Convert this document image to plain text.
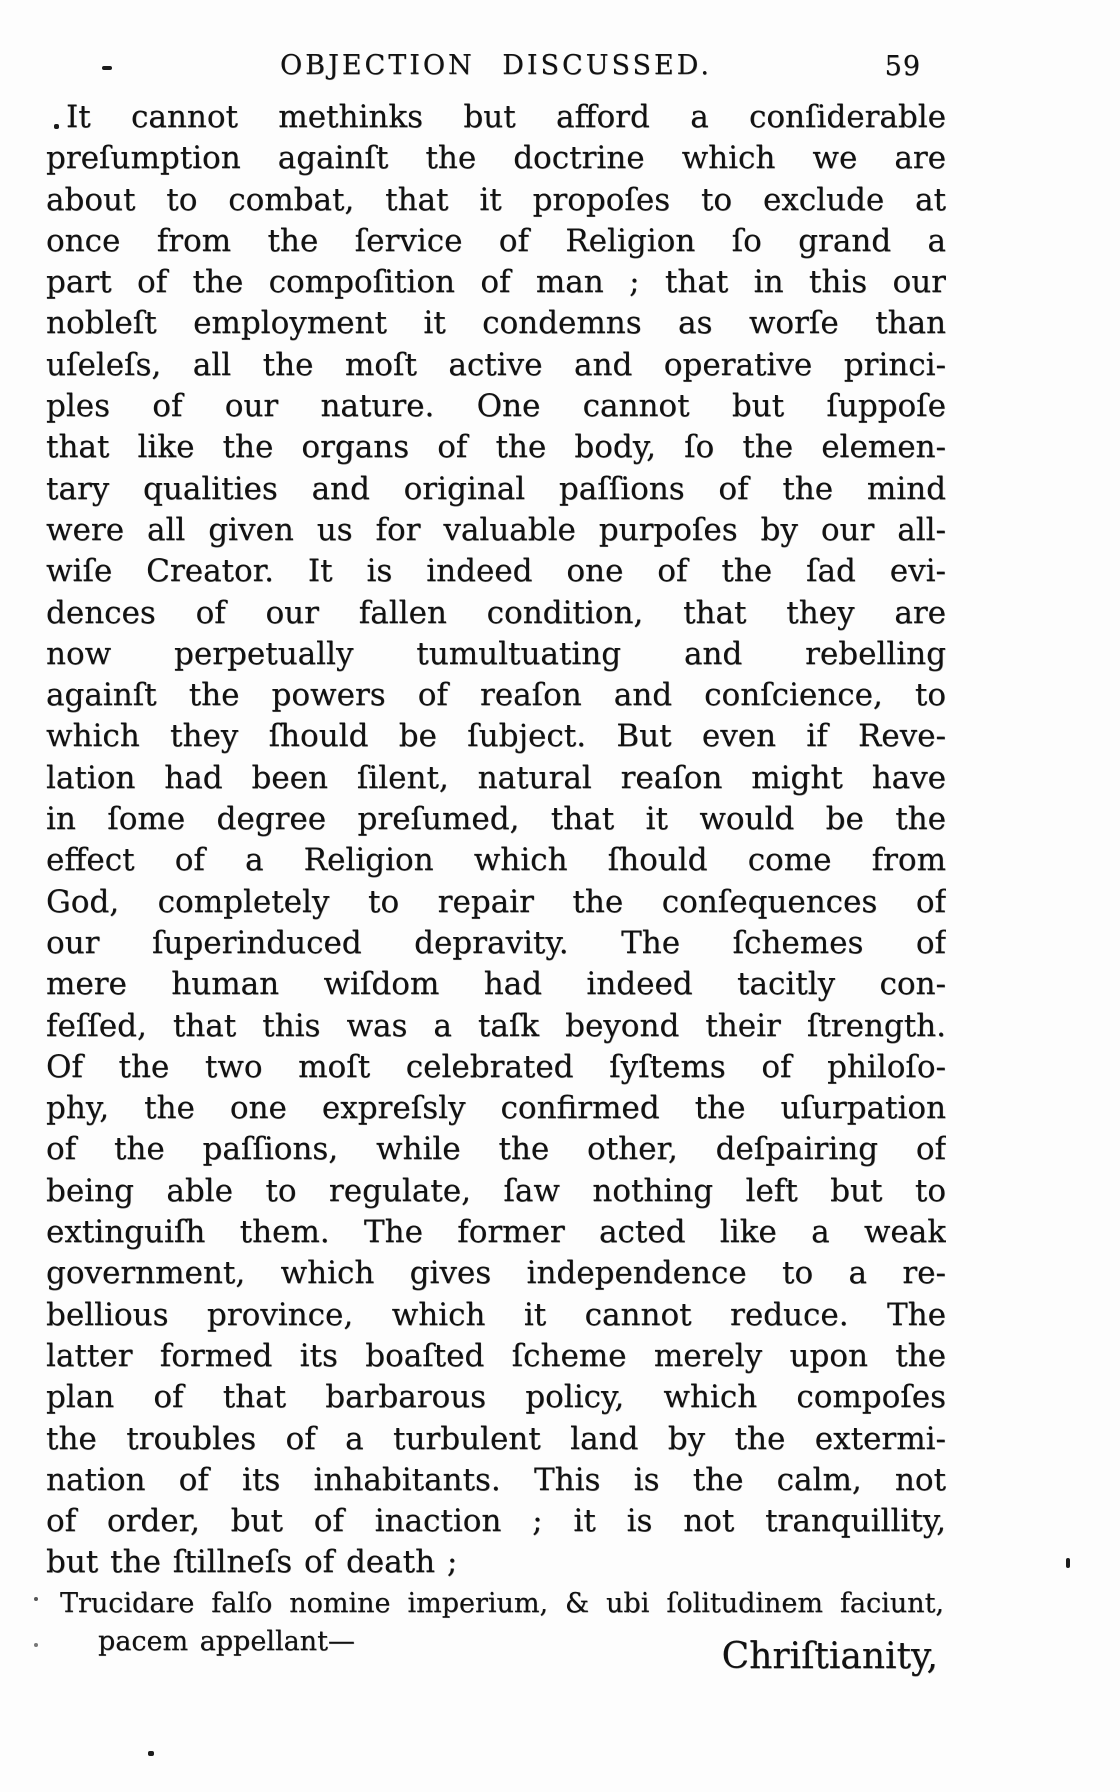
OBJECTION DISCUSSED.	59
It cannot methinks but afford a conſiderable
preſumption againſt the doctrine which we are
about to combat, that it propoſes to exclude at
once from the ſervice of Religion ſo grand a
part of the compoſition of man ; that in this our
nobleſt employment it condemns as worſe than
uſeleſs, all the moſt active and operative princi-
ples of our nature. One cannot but ſuppoſe
that like the organs of the body, ſo the elemen-
tary qualities and original paſſions of the mind
were all given us for valuable purpoſes by our all-
wiſe Creator. It is indeed one of the ſad evi-
dences of our fallen condition, that they are
now perpetually tumultuating and rebelling
againſt the powers of reaſon and conſcience, to
which they ſhould be ſubject. But even if Reve-
lation had been ſilent, natural reaſon might have
in ſome degree preſumed, that it would be the
effect of a Religion which ſhould come from
God, completely to repair the conſequences of
our ſuperinduced depravity. The ſchemes of
mere human wiſdom had indeed tacitly con-
feſſed, that this was a taſk beyond their ſtrength.
Of the two moſt celebrated ſyſtems of philoſo-
phy, the one expreſsly confirmed the uſurpation
of the paſſions, while the other, deſpairing of
being able to regulate, ſaw nothing left but to
extinguiſh them. The former acted like a weak
government, which gives independence to a re-
bellious province, which it cannot reduce. The
latter formed its boaſted ſcheme merely upon the
plan of that barbarous policy, which compoſes
the troubles of a turbulent land by the extermi-
nation of its inhabitants. This is the calm, not
of order, but of inaction ; it is not tranquillity,
but the ſtillneſs of death ;
Trucidare falſo nomine imperium, & ubi ſolitudinem faciunt,
pacem appellant—	Chriſtianity,
